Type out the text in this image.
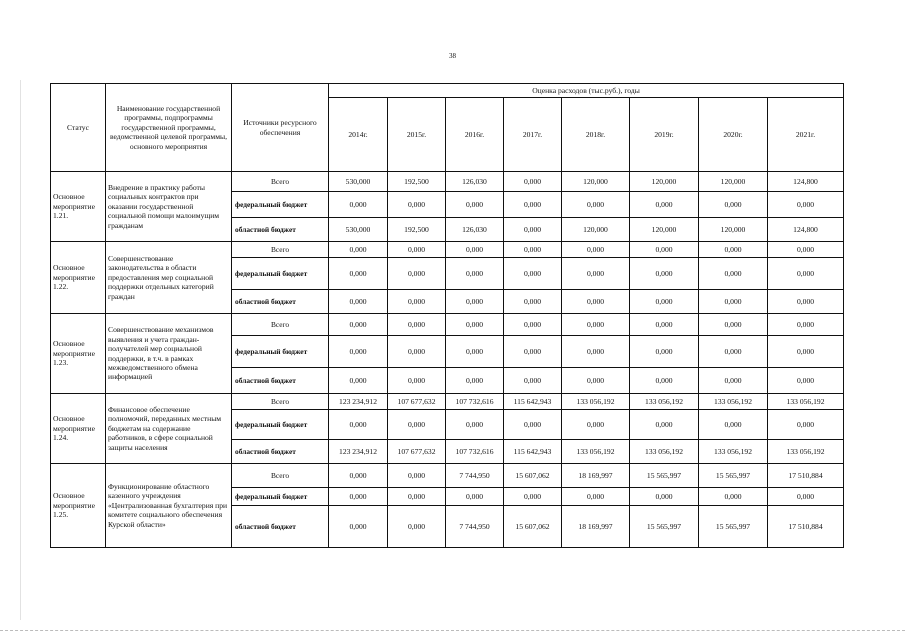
38
Статус	Наименование государственной программы, подпрограммы государственной программы, ведомственной целевой программы, основного мероприятия	Источники ресурсного обеспечения	Оценка расходов (тыс.руб.), годы							
			2014г.	2015г.	2016г.	2017г.	2018г.	2019г.	2020г.	2021г.
Основное мероприятие 1.21.	Внедрение в практику работы социальных контрактов при оказании государственной социальной помощи малоимущим гражданам	Всего	530,000	192,500	126,030	0,000	120,000	120,000	120,000	124,800
		федеральный бюджет	0,000	0,000	0,000	0,000	0,000	0,000	0,000	0,000
		областной бюджет	530,000	192,500	126,030	0,000	120,000	120,000	120,000	124,800
Основное мероприятие 1.22.	Совершенствование законодательства в области предоставления мер социальной поддержки отдельных категорий граждан	Всего	0,000	0,000	0,000	0,000	0,000	0,000	0,000	0,000
		федеральный бюджет	0,000	0,000	0,000	0,000	0,000	0,000	0,000	0,000
		областной бюджет	0,000	0,000	0,000	0,000	0,000	0,000	0,000	0,000
Основное мероприятие 1.23.	Совершенствование механизмов выявления и учета граждан-получателей мер социальной поддержки, в т.ч. в рамках межведомственного обмена информацией	Всего	0,000	0,000	0,000	0,000	0,000	0,000	0,000	0,000
		федеральный бюджет	0,000	0,000	0,000	0,000	0,000	0,000	0,000	0,000
		областной бюджет	0,000	0,000	0,000	0,000	0,000	0,000	0,000	0,000
Основное мероприятие 1.24.	Финансовое обеспечение полномочий, переданных местным бюджетам на содержание работников, в сфере социальной защиты населения	Всего	123 234,912	107 677,632	107 732,616	115 642,943	133 056,192	133 056,192	133 056,192	133 056,192
		федеральный бюджет	0,000	0,000	0,000	0,000	0,000	0,000	0,000	0,000
		областной бюджет	123 234,912	107 677,632	107 732,616	115 642,943	133 056,192	133 056,192	133 056,192	133 056,192
Основное мероприятие 1.25.	Функционирование областного казенного учреждения «Централизованная бухгалтерия при комитете социального обеспечения Курской области»	Всего	0,000	0,000	7 744,950	15 607,062	18 169,997	15 565,997	15 565,997	17 510,884
		федеральный бюджет	0,000	0,000	0,000	0,000	0,000	0,000	0,000	0,000
		областной бюджет	0,000	0,000	7 744,950	15 607,062	18 169,997	15 565,997	15 565,997	17 510,884
